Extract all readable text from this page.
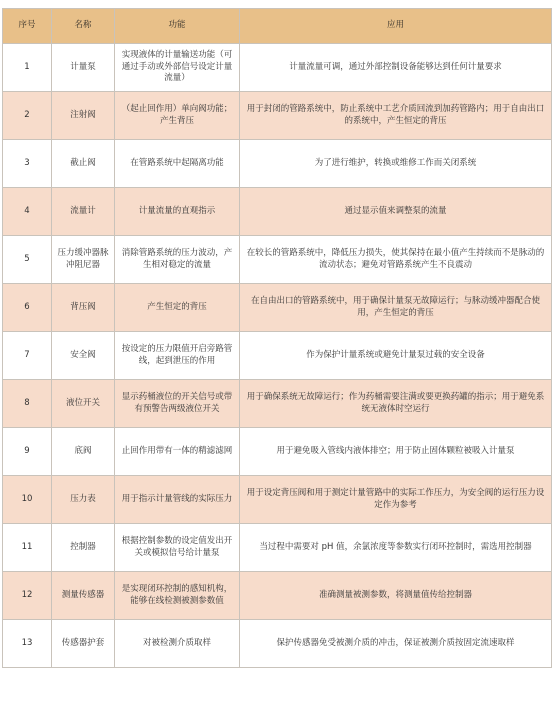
序号	名称	功能	应用
1	计量泵	实现液体的计量输送功能（可通过手动或外部信号设定计量流量）	计量流量可调，通过外部控制设备能够达到任何计量要求
2	注射阀	（起止回作用）单向阀功能；产生背压	用于封闭的管路系统中，防止系统中工艺介质回流到加药管路内；用于自由出口的系统中，产生恒定的背压
3	截止阀	在管路系统中起隔离功能	为了进行维护，转换或维修工作而关闭系统
4	流量计	计量流量的直观指示	通过显示值来调整泵的流量
5	压力缓冲器脉冲阻尼器	消除管路系统的压力波动，产生相对稳定的流量	在较长的管路系统中，降低压力损失，使其保持在最小值产生持续而不是脉动的流动状态；避免对管路系统产生不良震动
6	背压阀	产生恒定的背压	在自由出口的管路系统中，用于确保计量泵无故障运行；与脉动缓冲器配合使用，产生恒定的背压
7	安全阀	按设定的压力限值开启旁路管线，起到泄压的作用	作为保护计量系统或避免计量泵过载的安全设备
8	液位开关	显示药桶液位的开关信号或带有预警告两级液位开关	用于确保系统无故障运行；作为药桶需要注满或要更换药罐的指示；用于避免系统无液体时空运行
9	底阀	止回作用带有一体的精滤滤网	用于避免吸入管线内液体排空；用于防止固体颗粒被吸入计量泵
10	压力表	用于指示计量管线的实际压力	用于设定背压阀和用于测定计量管路中的实际工作压力，为安全阀的运行压力设定作为参考
11	控制器	根据控制参数的设定值发出开关或模拟信号给计量泵	当过程中需要对 pH 值，余氯浓度等参数实行闭环控制时，需选用控制器
12	测量传感器	是实现闭环控制的感知机构，能够在线检测被测参数值	准确测量被测参数，将测量值传给控制器
13	传感器护套	对被检测介质取样	保护传感器免受被测介质的冲击，保证被测介质按固定流速取样
